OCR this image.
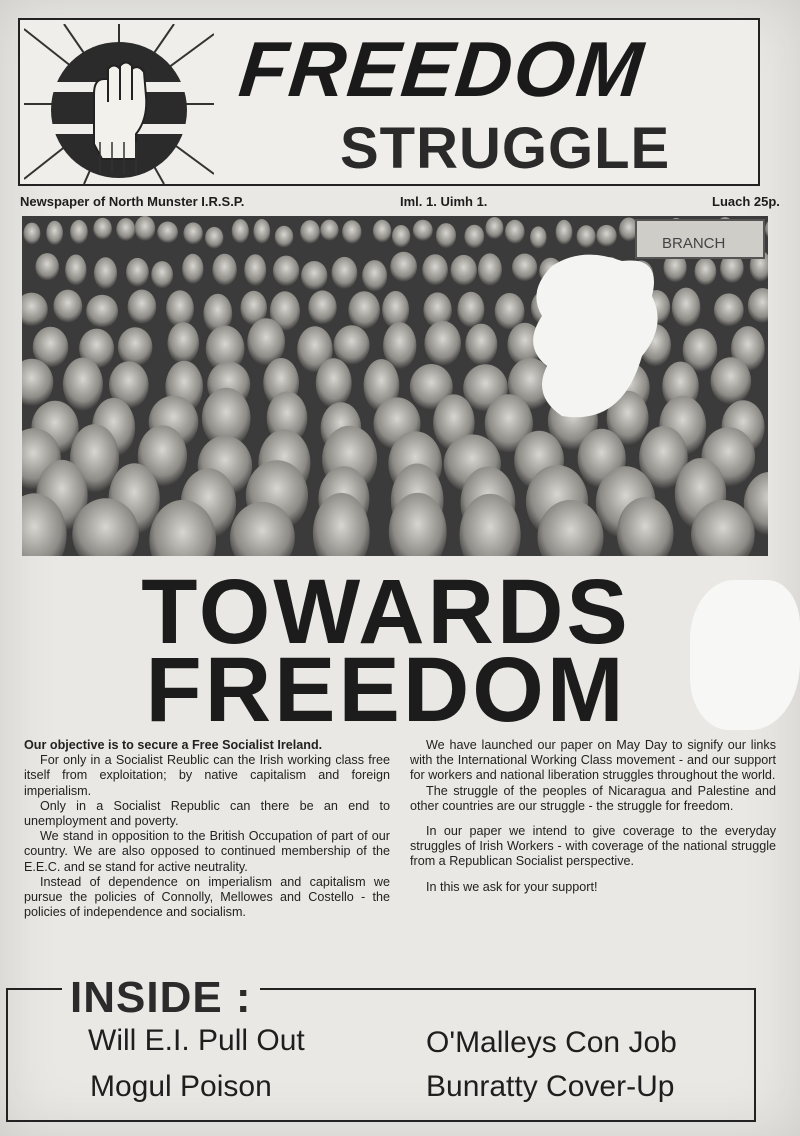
FREEDOM
STRUGGLE
Newspaper of North Munster I.R.S.P.	Iml. 1. Uimh 1.	Luach 25p.
BRANCH
TOWARDS
FREEDOM

Our objective is to secure a Free Socialist Ireland.

For only in a Socialist Reublic can the Irish working class free itself from exploitation; by native capitalism and foreign imperialism.

Only in a Socialist Republic can there be an end to unemployment and poverty.

We stand in opposition to the British Occupation of part of our country. We are also opposed to continued membership of the E.E.C. and se stand for active neutrality.

Instead of dependence on imperialism and capitalism we pursue the policies of Connolly, Mellowes and Costello - the policies of independence and socialism.

We have launched our paper on May Day to signify our links with the International Working Class movement - and our support for workers and national liberation struggles throughout the world.

The struggle of the peoples of Nicaragua and Palestine and other countries are our struggle - the struggle for freedom.

In our paper we intend to give coverage to the everyday struggles of Irish Workers - with coverage of the national struggle from a Republican Socialist perspective.

In this we ask for your support!

INSIDE :
Will E.I. Pull Out
Mogul Poison
O'Malleys Con Job
Bunratty Cover-Up
